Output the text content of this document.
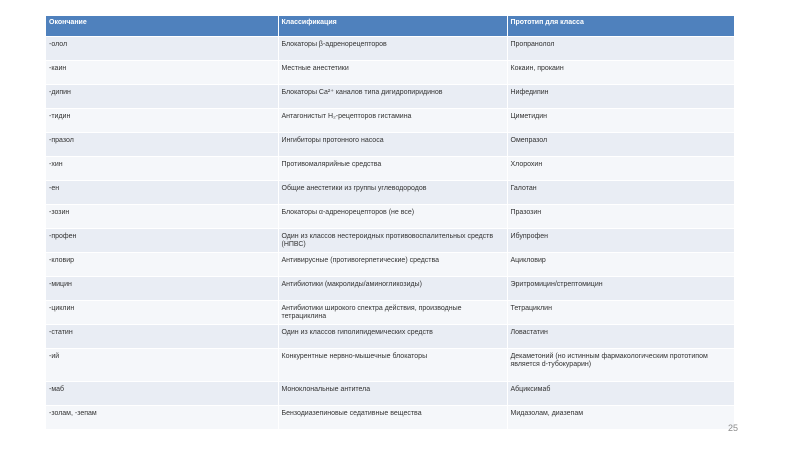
Окончание	Классификация	Прототип для класса
-олол	Блокаторы β-адренорецепторов	Пропранолол
-каин	Местные анестетики	Кокаин, прокаин
-дипин	Блокаторы Ca²⁺ каналов типа дигидропиридинов	Нифедипин
-тидин	Антагонистыт H₂-рецепторов гистамина	Циметидин
-празол	Ингибиторы протонного насоса	Омепразол
-хин	Противомалярийные средства	Хлорохин
-ен	Общие анестетики из группы углеводородов	Галотан
-зозин	Блокаторы α-адренорецепторов (не все)	Празозин
-профен	Один из классов нестероидных противовоспалительных средств (НПВС)	Ибупрофен
-кловир	Антивирусные (противогерпетические) средства	Ацикловир
-мицин	Антибиотики (макролиды/аминогликозиды)	Эритромицин/стрептомицин
-циклин	Антибиотики широкого спектра действия, производные тетрациклина	Тетрациклин
-статин	Один из классов гиполипидемических средств	Ловастатин
-ий	Конкурентные нервно-мышечные блокаторы	Декаметоний (но истинным фармакологическим прототипом является d-тубокурарин)
-маб	Моноклональные антитела	Абциксимаб
-золам, -зепам	Бензодиазепиновые седативные вещества	Мидазолам, диазепам
25
